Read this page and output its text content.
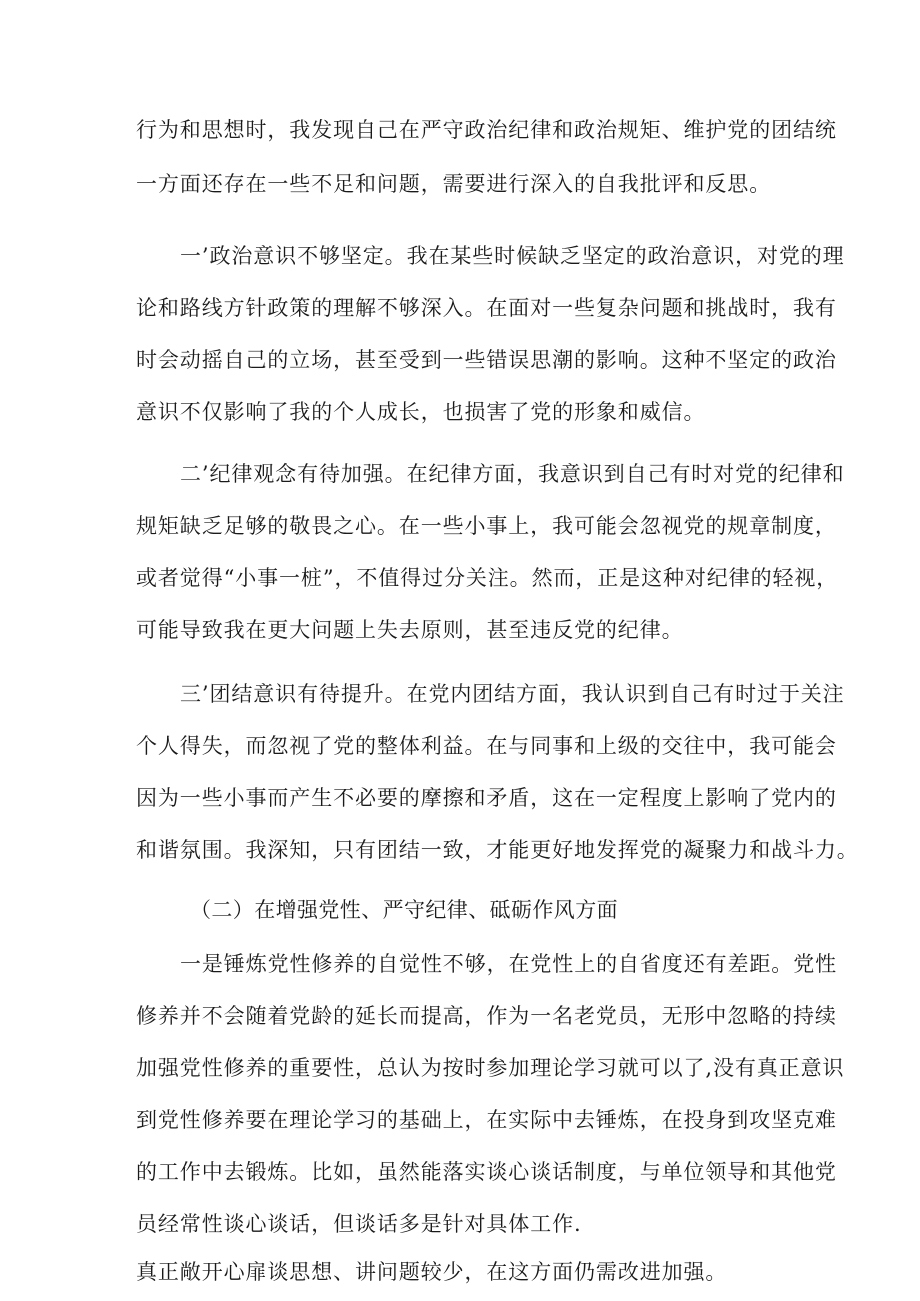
行为和思想时，我发现自己在严守政治纪律和政治规矩、维护党的团结统
一方面还存在一些不足和问题，需要进行深入的自我批评和反思。
一’政治意识不够坚定。我在某些时候缺乏坚定的政治意识，对党的理
论和路线方针政策的理解不够深入。在面对一些复杂问题和挑战时，我有
时会动摇自己的立场，甚至受到一些错误思潮的影响。这种不坚定的政治
意识不仅影响了我的个人成长，也损害了党的形象和威信。
二’纪律观念有待加强。在纪律方面，我意识到自己有时对党的纪律和
规矩缺乏足够的敬畏之心。在一些小事上，我可能会忽视党的规章制度，
或者觉得“小事一桩”，不值得过分关注。然而，正是这种对纪律的轻视，
可能导致我在更大问题上失去原则，甚至违反党的纪律。
三’团结意识有待提升。在党内团结方面，我认识到自己有时过于关注
个人得失，而忽视了党的整体利益。在与同事和上级的交往中，我可能会
因为一些小事而产生不必要的摩擦和矛盾，这在一定程度上影响了党内的
和谐氛围。我深知，只有团结一致，才能更好地发挥党的凝聚力和战斗力。
（二）在增强党性、严守纪律、砥砺作风方面
一是锤炼党性修养的自觉性不够，在党性上的自省度还有差距。党性
修养并不会随着党龄的延长而提高，作为一名老党员，无形中忽略的持续
加强党性修养的重要性，总认为按时参加理论学习就可以了,没有真正意识
到党性修养要在理论学习的基础上，在实际中去锤炼，在投身到攻坚克难
的工作中去锻炼。比如，虽然能落实谈心谈话制度，与单位领导和其他党
员经常性谈心谈话，但谈话多是针对具体工作.
真正敞开心扉谈思想、讲问题较少，在这方面仍需改进加强。
